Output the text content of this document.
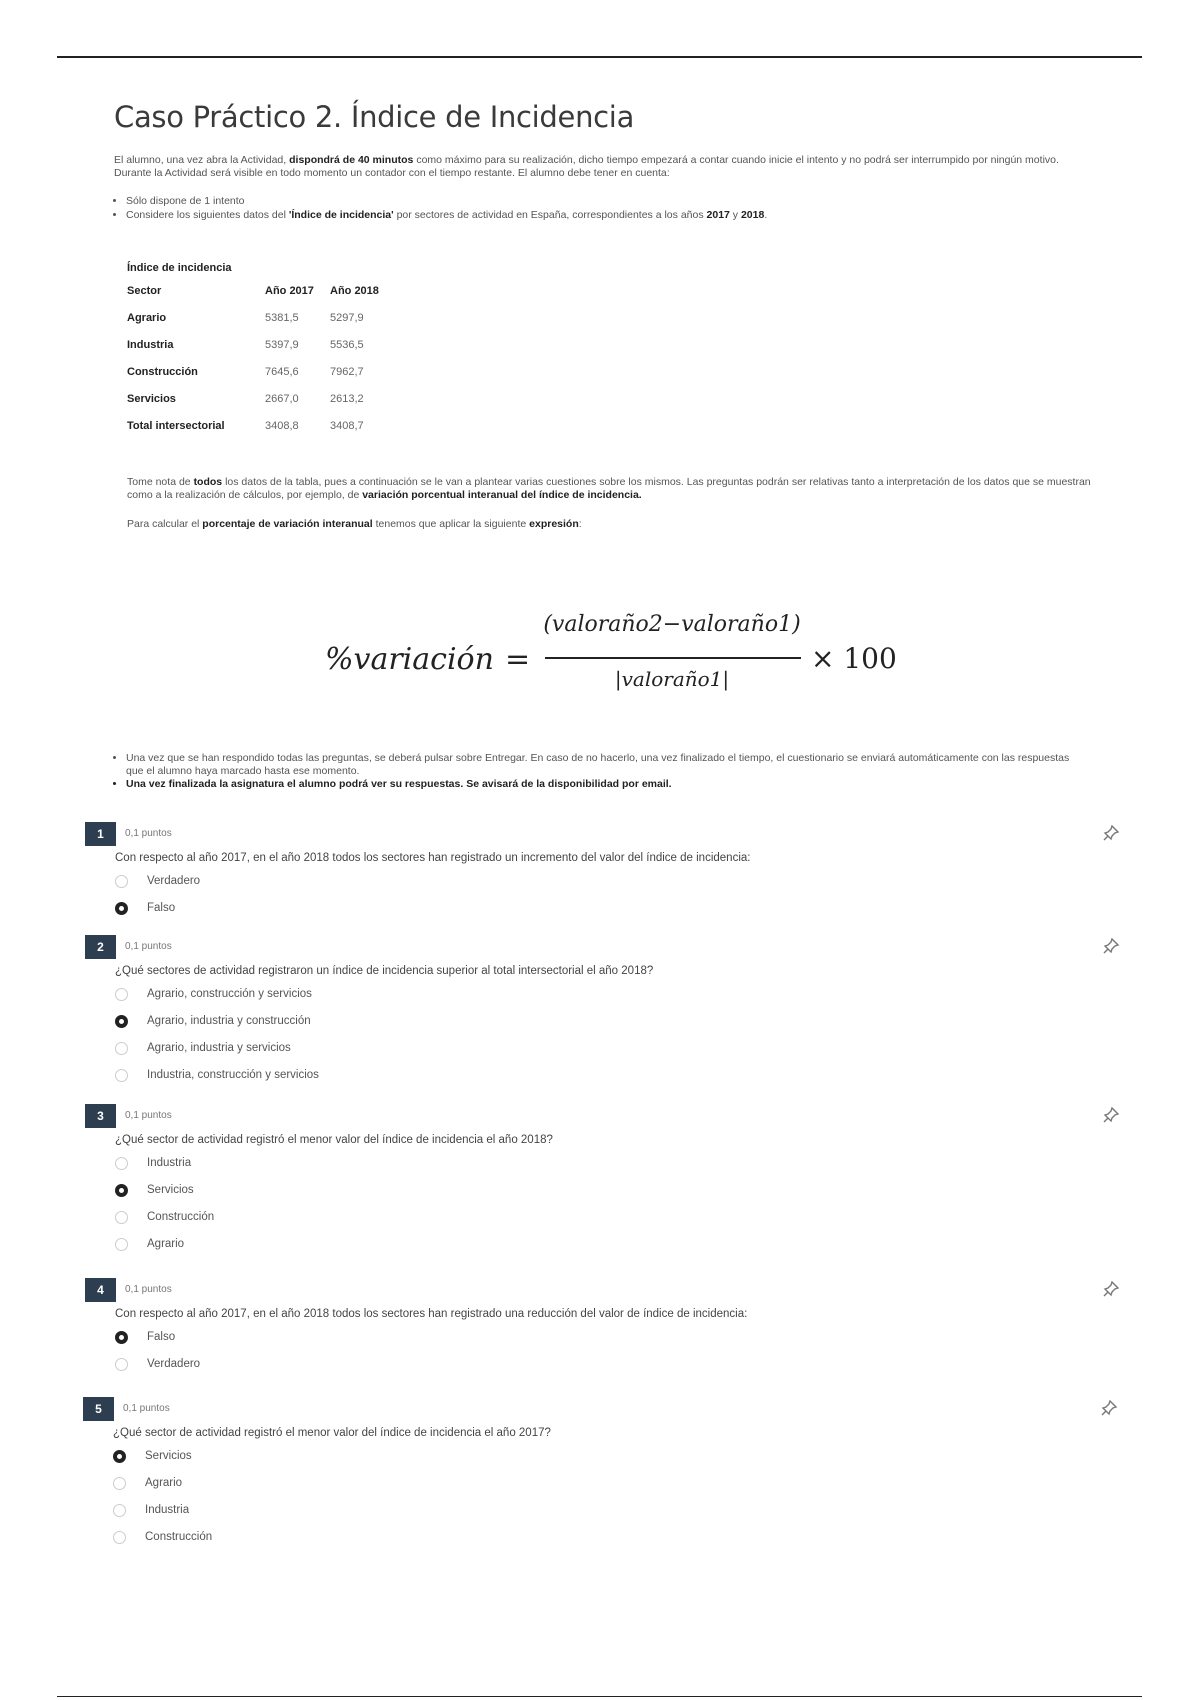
Caso Práctico 2. Índice de Incidencia
El alumno, una vez abra la Actividad, dispondrá de 40 minutos como máximo para su realización, dicho tiempo empezará a contar cuando inicie el intento y no podrá ser interrumpido por ningún motivo. Durante la Actividad será visible en todo momento un contador con el tiempo restante. El alumno debe tener en cuenta:
• Sólo dispone de 1 intento
• Considere los siguientes datos del 'Índice de incidencia' por sectores de actividad en España, correspondientes a los años 2017 y 2018.
Índice de incidencia
Sector	Año 2017	Año 2018
Agrario	5381,5	5297,9
Industria	5397,9	5536,5
Construcción	7645,6	7962,7
Servicios	2667,0	2613,2
Total intersectorial	3408,8	3408,7
Tome nota de todos los datos de la tabla, pues a continuación se le van a plantear varias cuestiones sobre los mismos. Las preguntas podrán ser relativas tanto a interpretación de los datos que se muestran como a la realización de cálculos, por ejemplo, de variación porcentual interanual del índice de incidencia.
Para calcular el porcentaje de variación interanual tenemos que aplicar la siguiente expresión:
%variación =
(valoraño2−valoraño1)
|valoraño1|
× 100
• Una vez que se han respondido todas las preguntas, se deberá pulsar sobre Entregar. En caso de no hacerlo, una vez finalizado el tiempo, el cuestionario se enviará automáticamente con las respuestas que el alumno haya marcado hasta ese momento.
• Una vez finalizada la asignatura el alumno podrá ver su respuestas. Se avisará de la disponibilidad por email.
1	0,1 puntos
Con respecto al año 2017, en el año 2018 todos los sectores han registrado un incremento del valor del índice de incidencia:
Verdadero
Falso
2	0,1 puntos
¿Qué sectores de actividad registraron un índice de incidencia superior al total intersectorial el año 2018?
Agrario, construcción y servicios
Agrario, industria y construcción
Agrario, industria y servicios
Industria, construcción y servicios
3	0,1 puntos
¿Qué sector de actividad registró el menor valor del índice de incidencia el año 2018?
Industria
Servicios
Construcción
Agrario
4	0,1 puntos
Con respecto al año 2017, en el año 2018 todos los sectores han registrado una reducción del valor de índice de incidencia:
Falso
Verdadero
5	0,1 puntos
¿Qué sector de actividad registró el menor valor del índice de incidencia el año 2017?
Servicios
Agrario
Industria
Construcción
